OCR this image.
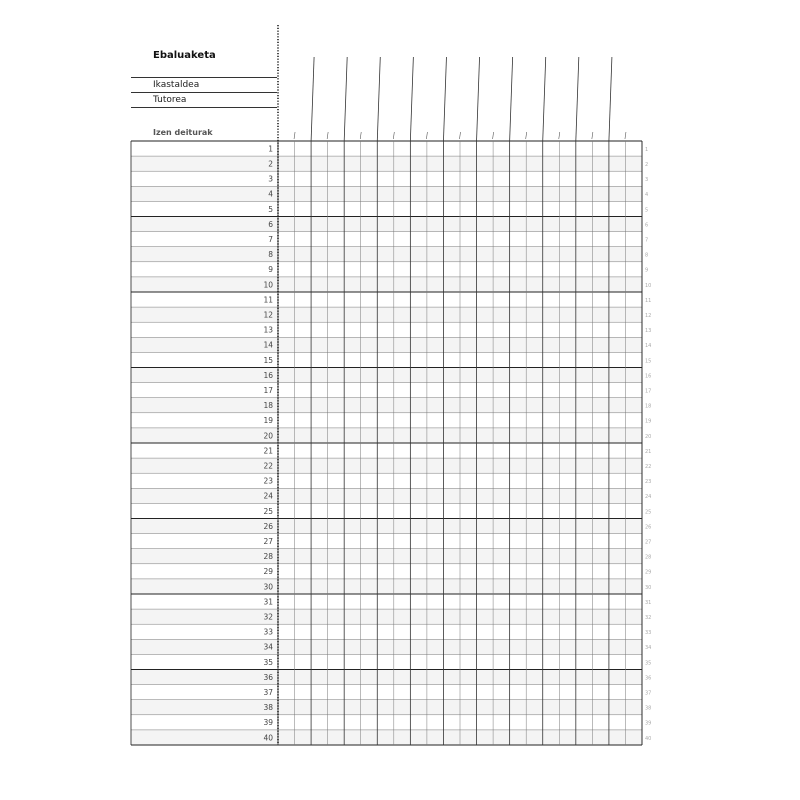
Ebaluaketa
Ikastaldea
Tutorea
Izen deiturak
1	1
2	2
3	3
4	4
5	5
6	6
7	7
8	8
9	9
10	10
11	11
12	12
13	13
14	14
15	15
16	16
17	17
18	18
19	19
20	20
21	21
22	22
23	23
24	24
25	25
26	26
27	27
28	28
29	29
30	30
31	31
32	32
33	33
34	34
35	35
36	36
37	37
38	38
39	39
40	40
